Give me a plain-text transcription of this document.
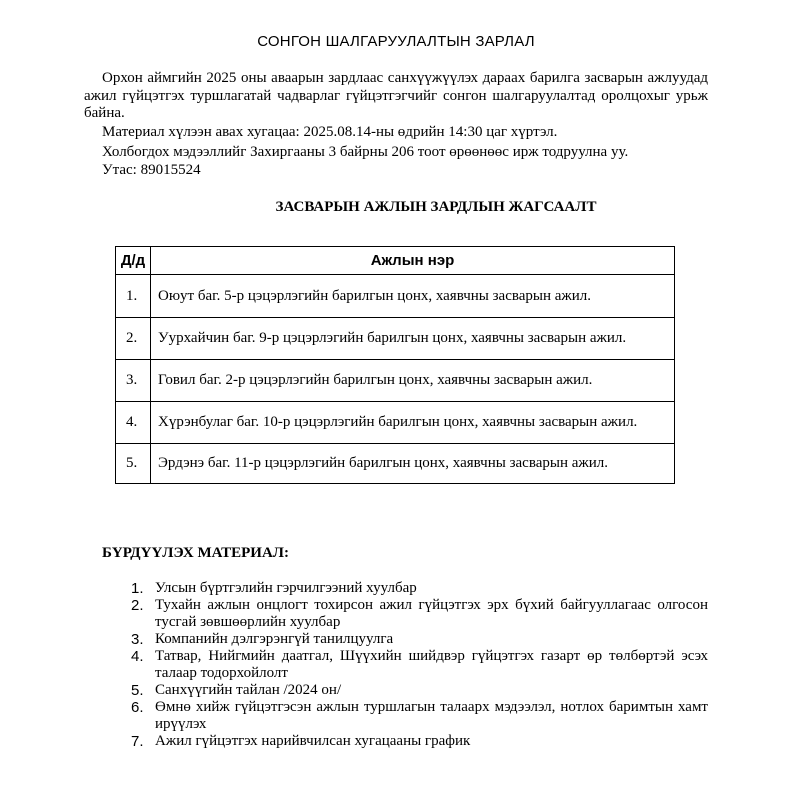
СОНГОН ШАЛГАРУУЛАЛТЫН ЗАРЛАЛ

Орхон аймгийн 2025 оны аваарын зардлаас санхүүжүүлэх дараах барилга засварын ажлуудад ажил гүйцэтгэх туршлагатай чадварлаг гүйцэтгэгчийг сонгон шалгаруулалтад оролцохыг урьж байна.

Материал хүлээн авах хугацаа: 2025.08.14-ны өдрийн 14:30 цаг хүртэл.

Холбогдох мэдээллийг Захиргааны 3 байрны 206 тоот өрөөнөөс ирж тодруулна уу.

Утас: 89015524

ЗАСВАРЫН АЖЛЫН ЗАРДЛЫН ЖАГСААЛТ
Д/д	Ажлын нэр
1.	Оюут баг. 5-р цэцэрлэгийн барилгын цонх, хаявчны засварын ажил.
2.	Уурхайчин баг. 9-р цэцэрлэгийн барилгын цонх, хаявчны засварын ажил.
3.	Говил баг. 2-р цэцэрлэгийн барилгын цонх, хаявчны засварын ажил.
4.	Хүрэнбулаг баг. 10-р цэцэрлэгийн барилгын цонх, хаявчны засварын ажил.
5.	Эрдэнэ баг. 11-р цэцэрлэгийн барилгын цонх, хаявчны засварын ажил.
БҮРДҮҮЛЭХ МАТЕРИАЛ:
1. Улсын бүртгэлийн гэрчилгээний хуулбар
2. Тухайн ажлын онцлогт тохирсон ажил гүйцэтгэх эрх бүхий байгууллагаас олгосон тусгай зөвшөөрлийн хуулбар
3. Компанийн дэлгэрэнгүй танилцуулга
4. Татвар, Нийгмийн даатгал, Шүүхийн шийдвэр гүйцэтгэх газарт өр төлбөртэй эсэх талаар тодорхойлолт
5. Санхүүгийн тайлан /2024 он/
6. Өмнө хийж гүйцэтгэсэн ажлын туршлагын талаарх мэдээлэл, нотлох баримтын хамт ирүүлэх
7. Ажил гүйцэтгэх нарийвчилсан хугацааны график
